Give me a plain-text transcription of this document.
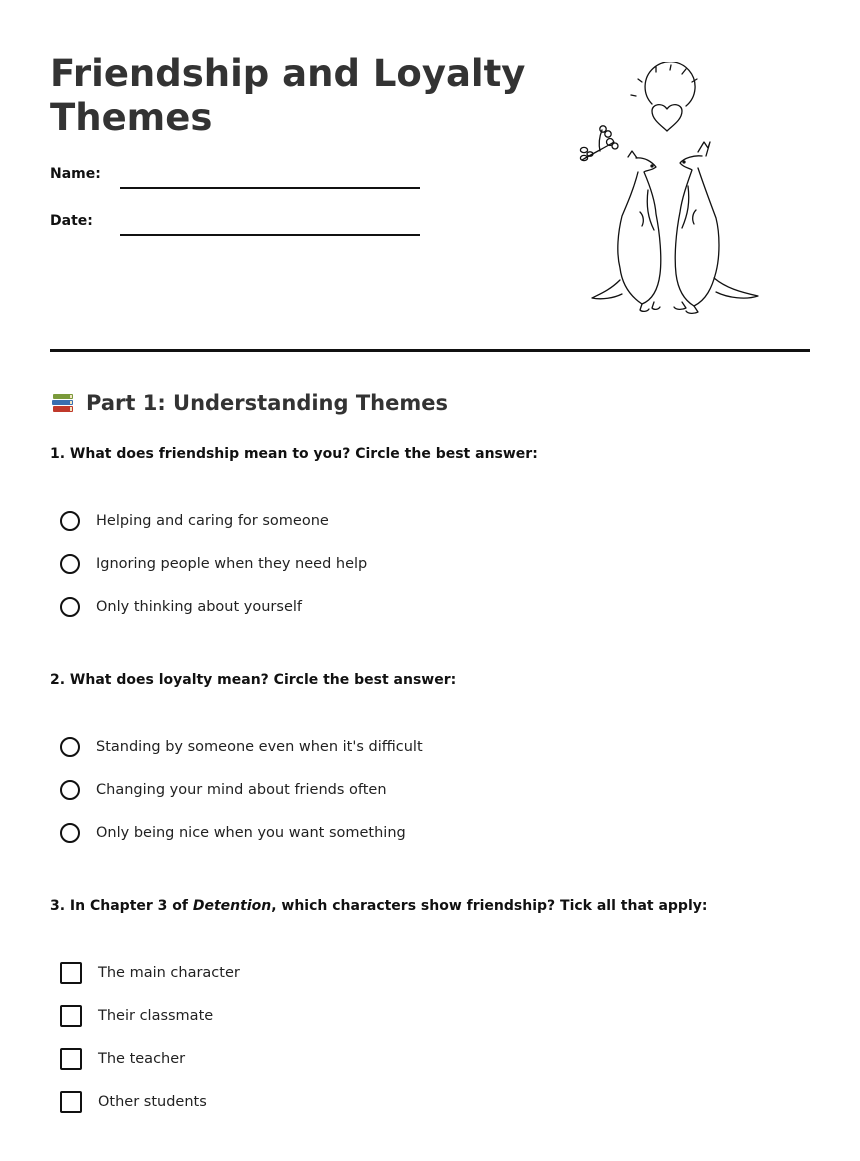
Friendship and Loyalty
Themes
Name:
Date:
Part 1: Understanding Themes
1. What does friendship mean to you? Circle the best answer:
Helping and caring for someone
Ignoring people when they need help
Only thinking about yourself
2. What does loyalty mean? Circle the best answer:
Standing by someone even when it's difficult
Changing your mind about friends often
Only being nice when you want something
3. In Chapter 3 of Detention, which characters show friendship? Tick all that apply:
The main character
Their classmate
The teacher
Other students
